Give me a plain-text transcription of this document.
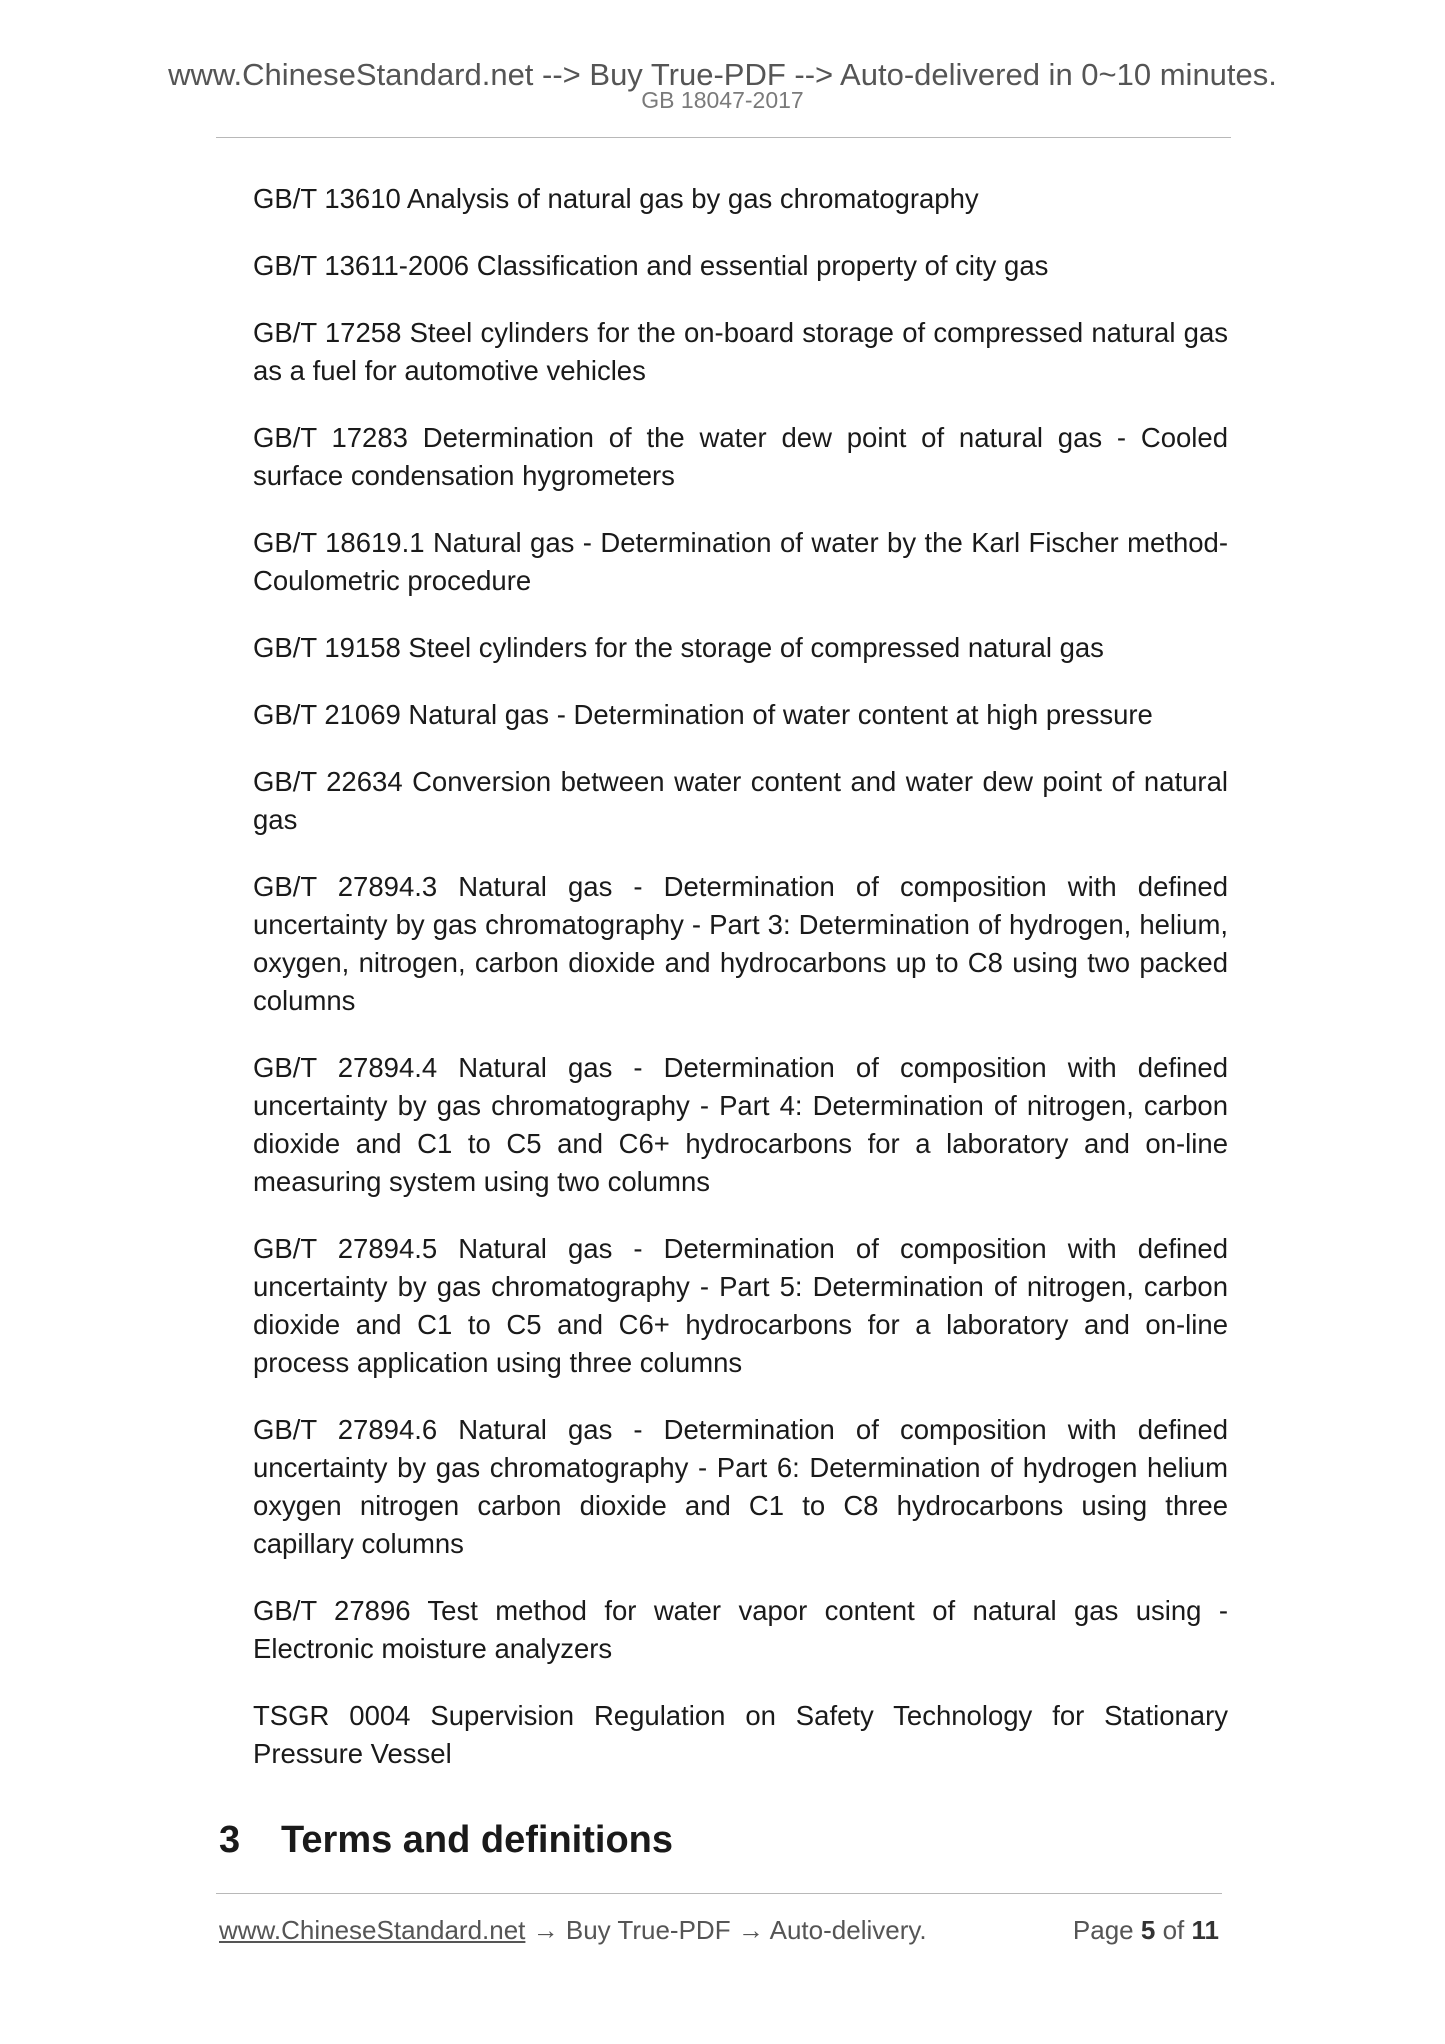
www.ChineseStandard.net --> Buy True-PDF --> Auto-delivered in 0~10 minutes.
GB 18047-2017

GB/T 13610 Analysis of natural gas by gas chromatography

GB/T 13611-2006 Classification and essential property of city gas

GB/T 17258 Steel cylinders for the on-board storage of compressed natural gas as a fuel for automotive vehicles

GB/T 17283 Determination of the water dew point of natural gas - Cooled surface condensation hygrometers

GB/T 18619.1 Natural gas - Determination of water by the Karl Fischer method-Coulometric procedure

GB/T 19158 Steel cylinders for the storage of compressed natural gas

GB/T 21069 Natural gas - Determination of water content at high pressure

GB/T 22634 Conversion between water content and water dew point of natural gas

GB/T 27894.3 Natural gas - Determination of composition with defined uncertainty by gas chromatography - Part 3: Determination of hydrogen, helium, oxygen, nitrogen, carbon dioxide and hydrocarbons up to C8 using two packed columns

GB/T 27894.4 Natural gas - Determination of composition with defined uncertainty by gas chromatography - Part 4: Determination of nitrogen, carbon dioxide and C1 to C5 and C6+ hydrocarbons for a laboratory and on-line measuring system using two columns

GB/T 27894.5 Natural gas - Determination of composition with defined uncertainty by gas chromatography - Part 5: Determination of nitrogen, carbon dioxide and C1 to C5 and C6+ hydrocarbons for a laboratory and on-line process application using three columns

GB/T 27894.6 Natural gas - Determination of composition with defined uncertainty by gas chromatography - Part 6: Determination of hydrogen helium oxygen nitrogen carbon dioxide and C1 to C8 hydrocarbons using three capillary columns

GB/T 27896 Test method for water vapor content of natural gas using - Electronic moisture analyzers

TSGR 0004 Supervision Regulation on Safety Technology for Stationary Pressure Vessel

3 Terms and definitions
www.ChineseStandard.net → Buy True-PDF → Auto-delivery.	Page 5 of 11
